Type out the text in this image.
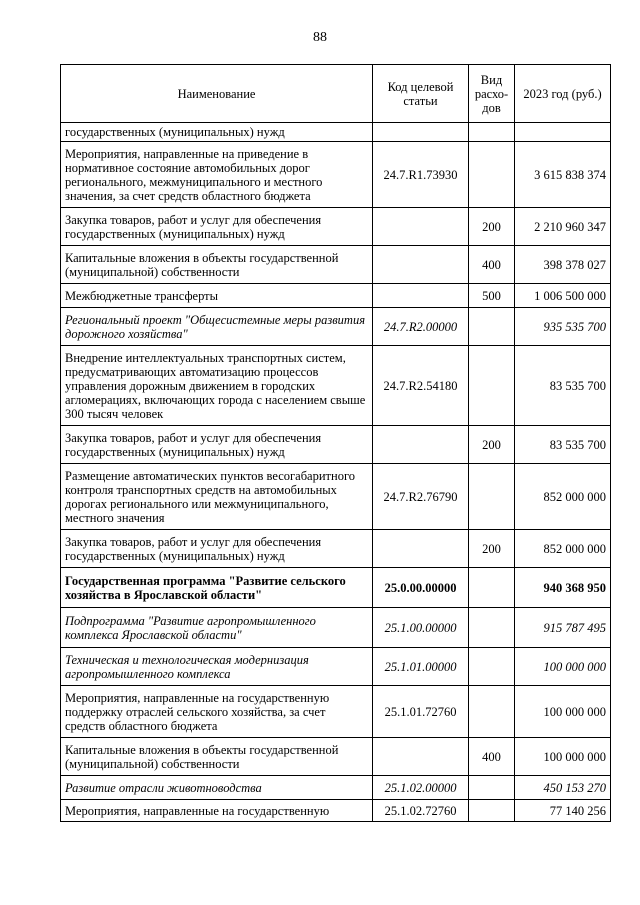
88
Наименование	Код целевой статьи	Вид расхо-дов	2023 год (руб.)
государственных (муниципальных) нужд			
Мероприятия, направленные на приведение в нормативное состояние автомобильных дорог регионального, межмуниципального и местного значения, за счет средств областного бюджета	24.7.R1.73930		3 615 838 374
Закупка товаров, работ и услуг для обеспечения государственных (муниципальных) нужд		200	2 210 960 347
Капитальные вложения в объекты государственной (муниципальной) собственности		400	398 378 027
Межбюджетные трансферты		500	1 006 500 000
Региональный проект "Общесистемные меры развития дорожного хозяйства"	24.7.R2.00000		935 535 700
Внедрение интеллектуальных транспортных систем, предусматривающих автоматизацию процессов управления дорожным движением в городских агломерациях, включающих города с населением свыше 300 тысяч человек	24.7.R2.54180		83 535 700
Закупка товаров, работ и услуг для обеспечения государственных (муниципальных) нужд		200	83 535 700
Размещение автоматических пунктов весогабаритного контроля транспортных средств на автомобильных дорогах регионального или межмуниципального, местного значения	24.7.R2.76790		852 000 000
Закупка товаров, работ и услуг для обеспечения государственных (муниципальных) нужд		200	852 000 000
Государственная программа "Развитие сельского хозяйства в Ярославской области"	25.0.00.00000		940 368 950
Подпрограмма "Развитие агропромышленного комплекса Ярославской области"	25.1.00.00000		915 787 495
Техническая и технологическая модернизация агропромышленного комплекса	25.1.01.00000		100 000 000
Мероприятия, направленные на государственную поддержку отраслей сельского хозяйства, за счет средств областного бюджета	25.1.01.72760		100 000 000
Капитальные вложения в объекты государственной (муниципальной) собственности		400	100 000 000
Развитие отрасли животноводства	25.1.02.00000		450 153 270
Мероприятия, направленные на государственную	25.1.02.72760		77 140 256
